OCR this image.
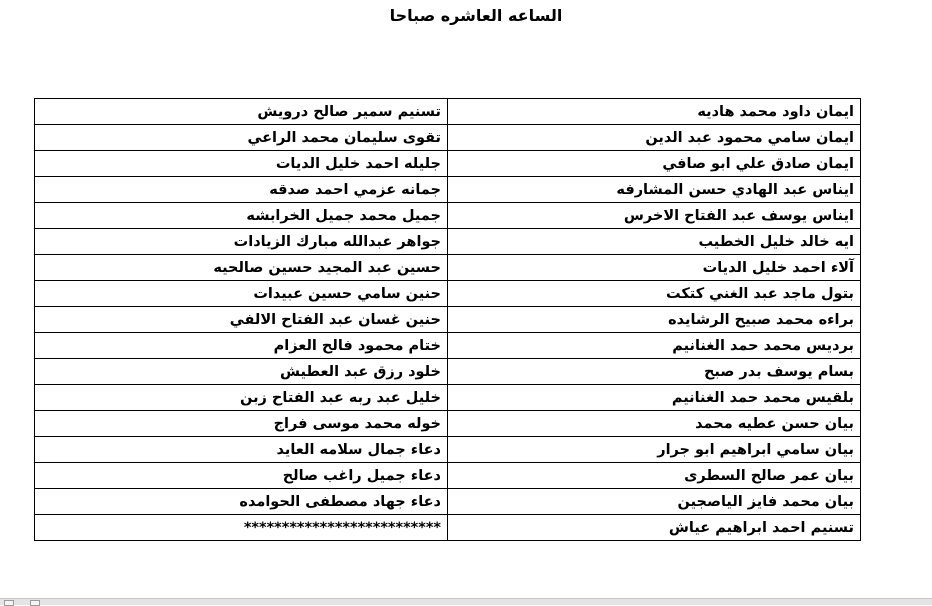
الساعه العاشره صباحا
ايمان داود محمد هاديه	تسنيم سمير صالح درويش
ايمان سامي محمود عبد الدين	تقوى سليمان محمد الراعي
ايمان صادق علي ابو صافي	جليله احمد خليل الديات
ايناس عبد الهادي حسن المشارفه	جمانه عزمي احمد صدقه
ايناس يوسف عبد الفتاح الاخرس	جميل محمد جميل الخرابشه
ايه خالد خليل الخطيب	جواهر عبدالله مبارك الزيادات
آلاء احمد خليل الديات	حسين عبد المجيد حسين صالحيه
بتول ماجد عبد الغني كتكت	حنين سامي حسين عبيدات
براءه محمد صبيح الرشايده	حنين غسان عبد الفتاح الالفي
برديس محمد حمد الغنانيم	ختام محمود فالح العزام
بسام يوسف بدر صبح	خلود رزق عبد العطيش
بلقيس محمد حمد الغنانيم	خليل عبد ربه عبد الفتاح زبن
بيان حسن عطيه محمد	خوله محمد موسى فراج
بيان سامي ابراهيم ابو جرار	دعاء جمال سلامه العايد
بيان عمر صالح السطرى	دعاء جميل راغب صالح
بيان محمد فايز الياصجين	دعاء جهاد مصطفى الحوامده
تسنيم احمد ابراهيم عياش	**************************
